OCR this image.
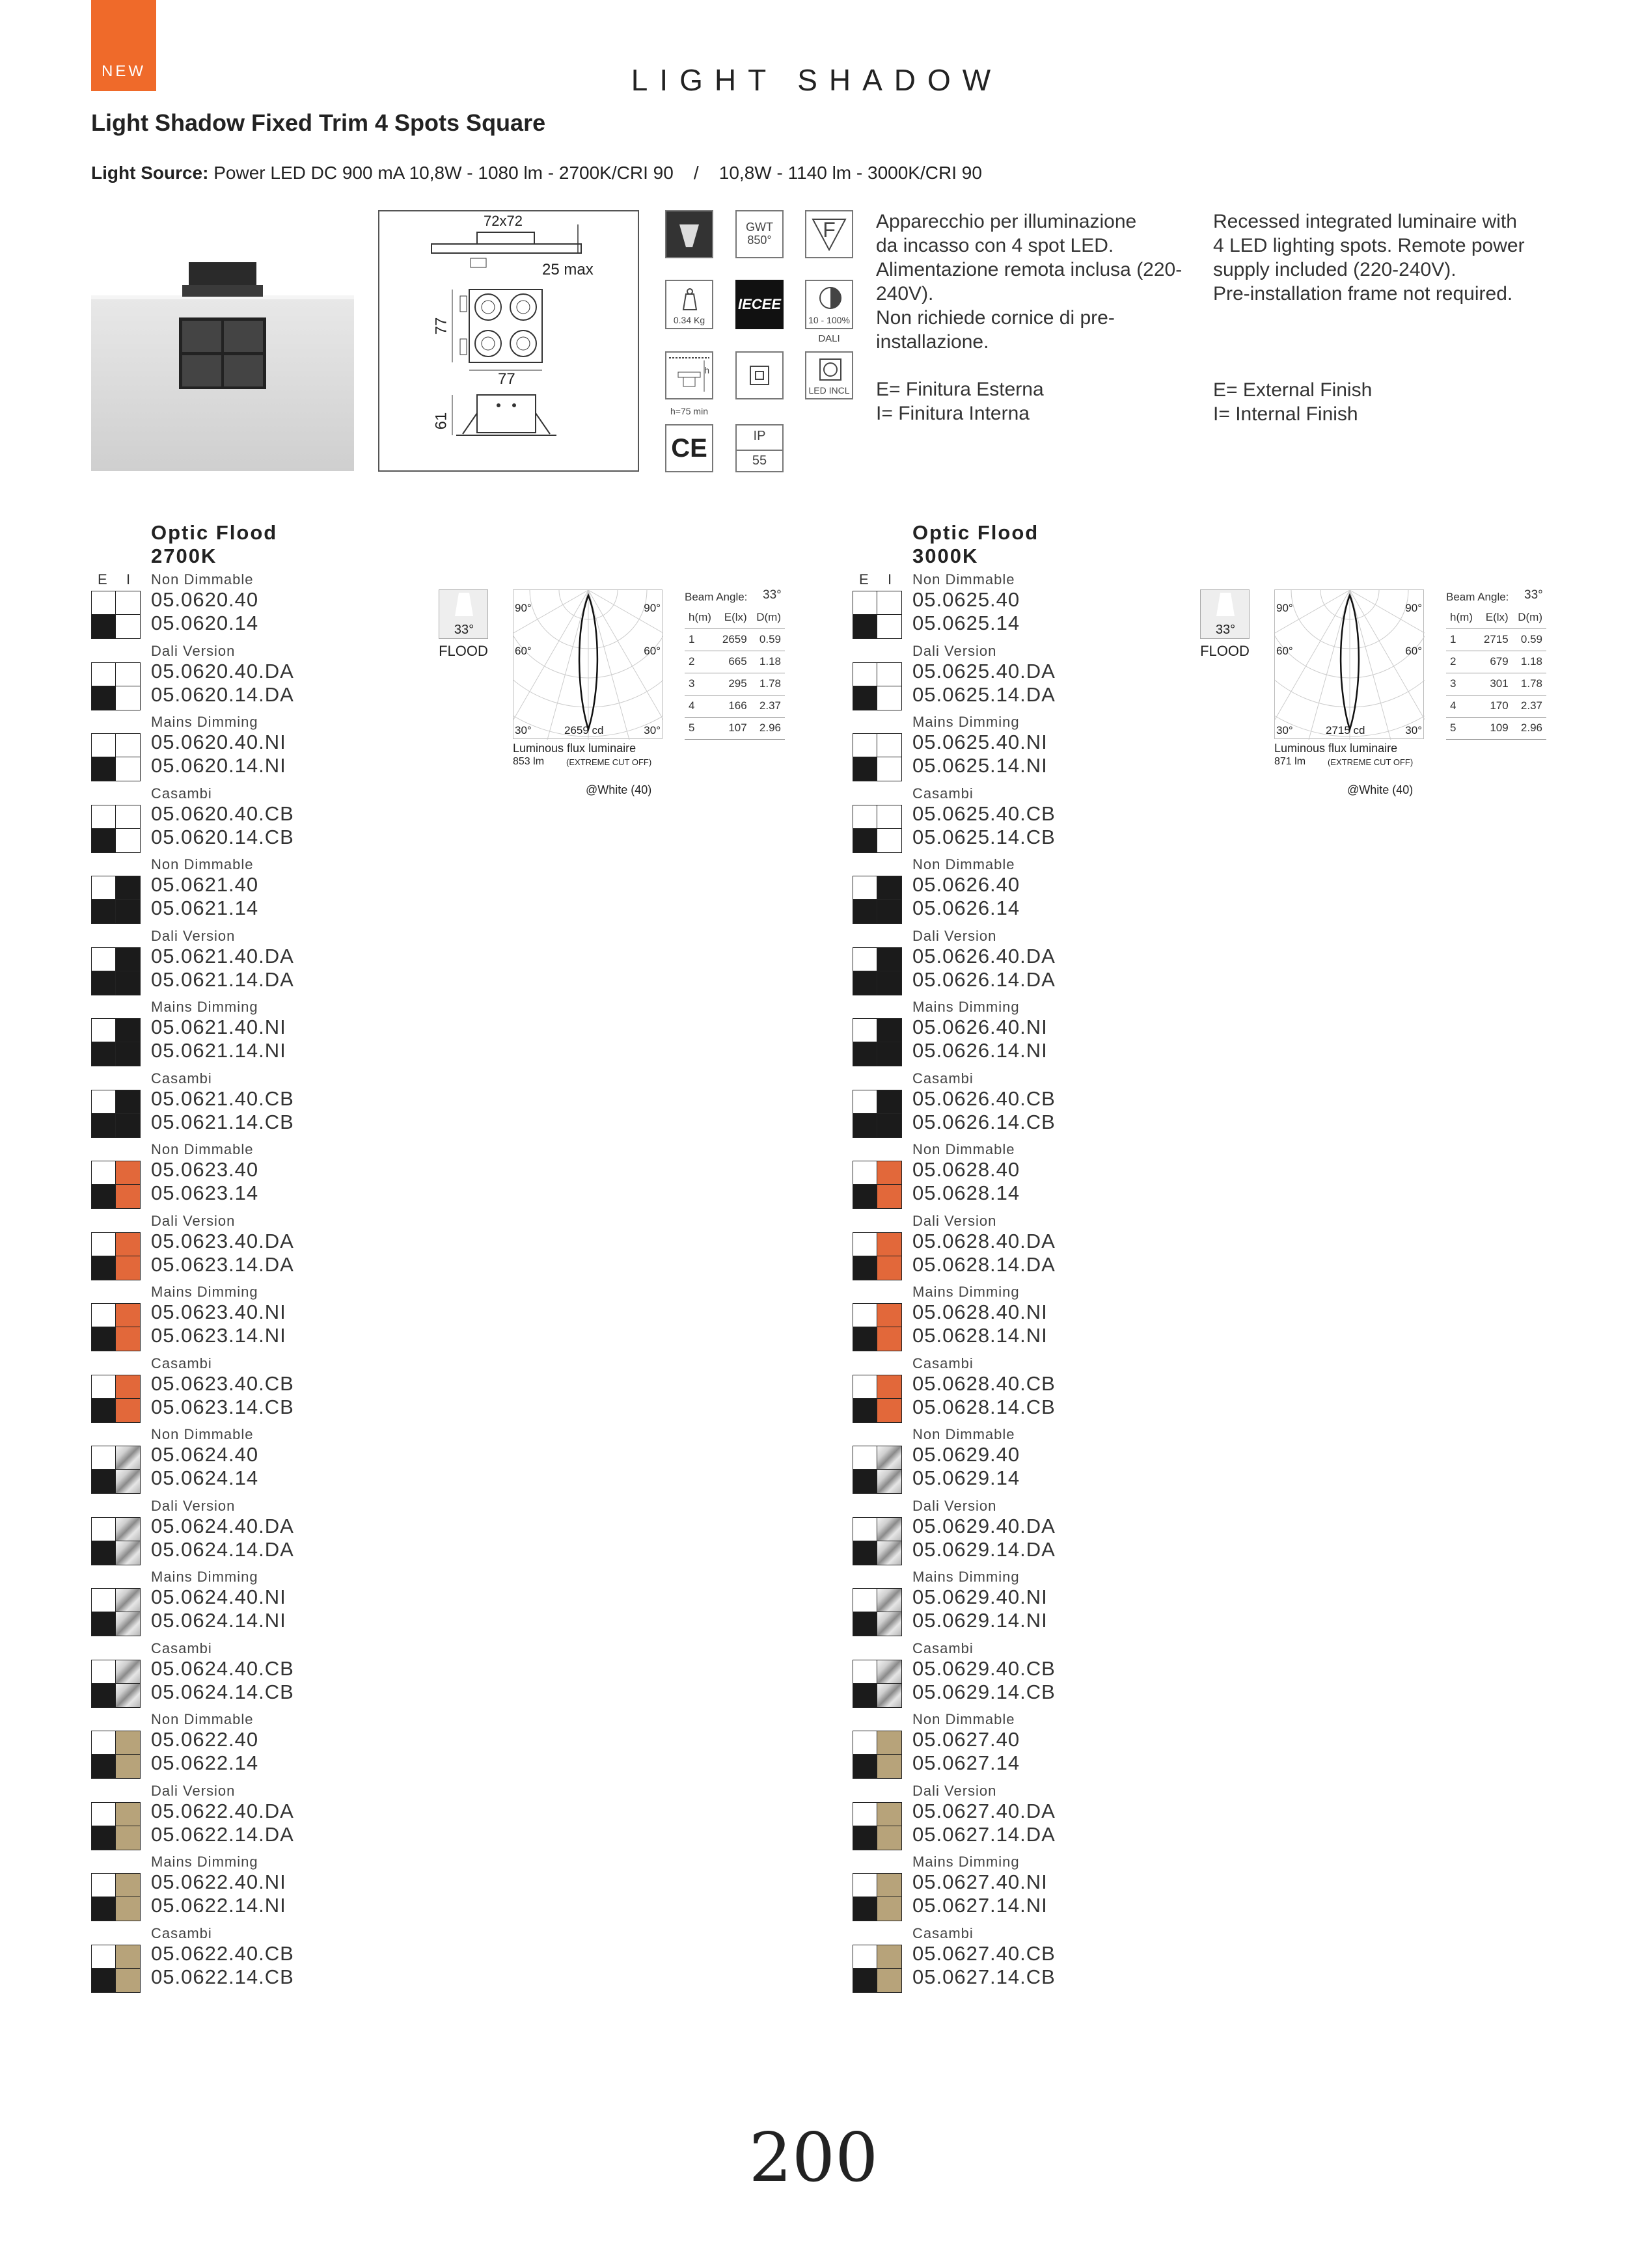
NEW	LIGHT SHADOW
Light Shadow Fixed Trim 4 Spots Square
Light Source: Power LED DC 900 mA 10,8W - 1080 lm - 2700K/CRI 90    /    10,8W - 1140 lm - 3000K/CRI 90
72x72
25 max
77
77
61
GWT
850° F
0.34 Kg
IECEE
10 - 100%
DALI
h
h=75 min
LED INCL
CE	IP
55
Apparecchio per illuminazione
da incasso con 4 spot LED.
Alimentazione remota inclusa (220-
240V).
Non richiede cornice di pre-
installazione.
E= Finitura Esterna
I= Finitura Interna
Recessed integrated luminaire with
4 LED lighting spots. Remote power
supply included (220-240V).
Pre-installation frame not required.
E= External Finish
I= Internal Finish
Optic Flood
2700K
E I
33°
FLOOD
90°	90°
60°	60°
30°	30°
2659 cd
Luminous flux luminaire
853 lm	(EXTREME CUT OFF)
@White (40)
Beam Angle: 33°
h(m)	E(lx)	D(m)
1	2659	0.59
2	665	1.18
3	295	1.78
4	166	2.37
5	107	2.96
Non Dimmable
05.0620.40
05.0620.14
Dali Version
05.0620.40.DA
05.0620.14.DA
Mains Dimming
05.0620.40.NI
05.0620.14.NI
Casambi
05.0620.40.CB
05.0620.14.CB
Non Dimmable
05.0621.40
05.0621.14
Dali Version
05.0621.40.DA
05.0621.14.DA
Mains Dimming
05.0621.40.NI
05.0621.14.NI
Casambi
05.0621.40.CB
05.0621.14.CB
Non Dimmable
05.0623.40
05.0623.14
Dali Version
05.0623.40.DA
05.0623.14.DA
Mains Dimming
05.0623.40.NI
05.0623.14.NI
Casambi
05.0623.40.CB
05.0623.14.CB
Non Dimmable
05.0624.40
05.0624.14
Dali Version
05.0624.40.DA
05.0624.14.DA
Mains Dimming
05.0624.40.NI
05.0624.14.NI
Casambi
05.0624.40.CB
05.0624.14.CB
Non Dimmable
05.0622.40
05.0622.14
Dali Version
05.0622.40.DA
05.0622.14.DA
Mains Dimming
05.0622.40.NI
05.0622.14.NI
Casambi
05.0622.40.CB
05.0622.14.CB
Optic Flood
3000K
E I
33°
FLOOD
90°	90°
60°	60°
30°	30°
2715 cd
Luminous flux luminaire
871 lm	(EXTREME CUT OFF)
@White (40)
Beam Angle: 33°
h(m)	E(lx)	D(m)
1	2715	0.59
2	679	1.18
3	301	1.78
4	170	2.37
5	109	2.96
Non Dimmable
05.0625.40
05.0625.14
Dali Version
05.0625.40.DA
05.0625.14.DA
Mains Dimming
05.0625.40.NI
05.0625.14.NI
Casambi
05.0625.40.CB
05.0625.14.CB
Non Dimmable
05.0626.40
05.0626.14
Dali Version
05.0626.40.DA
05.0626.14.DA
Mains Dimming
05.0626.40.NI
05.0626.14.NI
Casambi
05.0626.40.CB
05.0626.14.CB
Non Dimmable
05.0628.40
05.0628.14
Dali Version
05.0628.40.DA
05.0628.14.DA
Mains Dimming
05.0628.40.NI
05.0628.14.NI
Casambi
05.0628.40.CB
05.0628.14.CB
Non Dimmable
05.0629.40
05.0629.14
Dali Version
05.0629.40.DA
05.0629.14.DA
Mains Dimming
05.0629.40.NI
05.0629.14.NI
Casambi
05.0629.40.CB
05.0629.14.CB
Non Dimmable
05.0627.40
05.0627.14
Dali Version
05.0627.40.DA
05.0627.14.DA
Mains Dimming
05.0627.40.NI
05.0627.14.NI
Casambi
05.0627.40.CB
05.0627.14.CB
200
